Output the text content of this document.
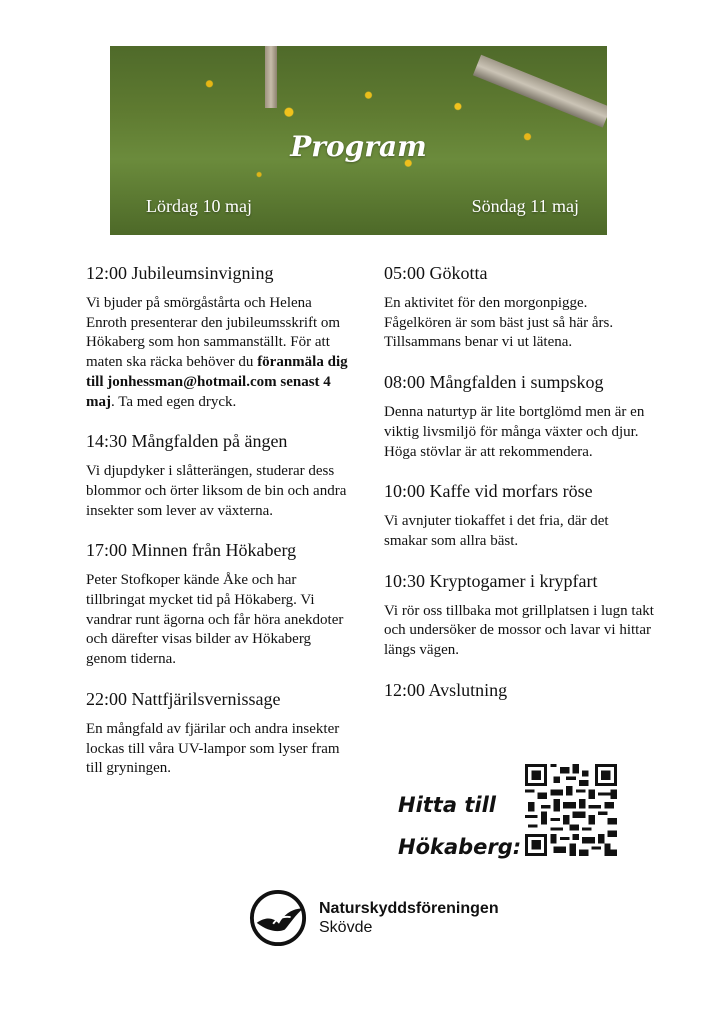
Program
Lördag 10 maj	Söndag 11 maj

12:00 Jubileumsinvigning

Vi bjuder på smörgåstårta och Helena Enroth presenterar den jubileumsskrift om Hökaberg som hon sammanställt. För att maten ska räcka behöver du föranmäla dig till jonhessman@hotmail.com senast 4 maj. Ta med egen dryck.

14:30 Mångfalden på ängen

Vi djupdyker i slåtterängen, studerar dess blommor och örter liksom de bin och andra insekter som lever av växterna.

17:00 Minnen från Hökaberg

Peter Stofkoper kände Åke och har tillbringat mycket tid på Hökaberg. Vi vandrar runt ägorna och får höra anekdoter och därefter visas bilder av Hökaberg genom tiderna.

22:00 Nattfjärilsvernissage

En mångfald av fjärilar och andra insekter lockas till våra UV-lampor som lyser fram till gryningen.

05:00 Gökotta

En aktivitet för den morgonpigge. Fågelkören är som bäst just så här års. Tillsammans benar vi ut lätena.

08:00 Mångfalden i sumpskog

Denna naturtyp är lite bortglömd men är en viktig livsmiljö för många växter och djur. Höga stövlar är att rekommendera.

10:00 Kaffe vid morfars röse

Vi avnjuter tiokaffet i det fria, där det smakar som allra bäst.

10:30 Kryptogamer i krypfart

Vi rör oss tillbaka mot grillplatsen i lugn takt och undersöker de mossor och lavar vi hittar längs vägen.

12:00 Avslutning

Hitta till
Hökaberg:
Naturskyddsföreningen
Skövde
